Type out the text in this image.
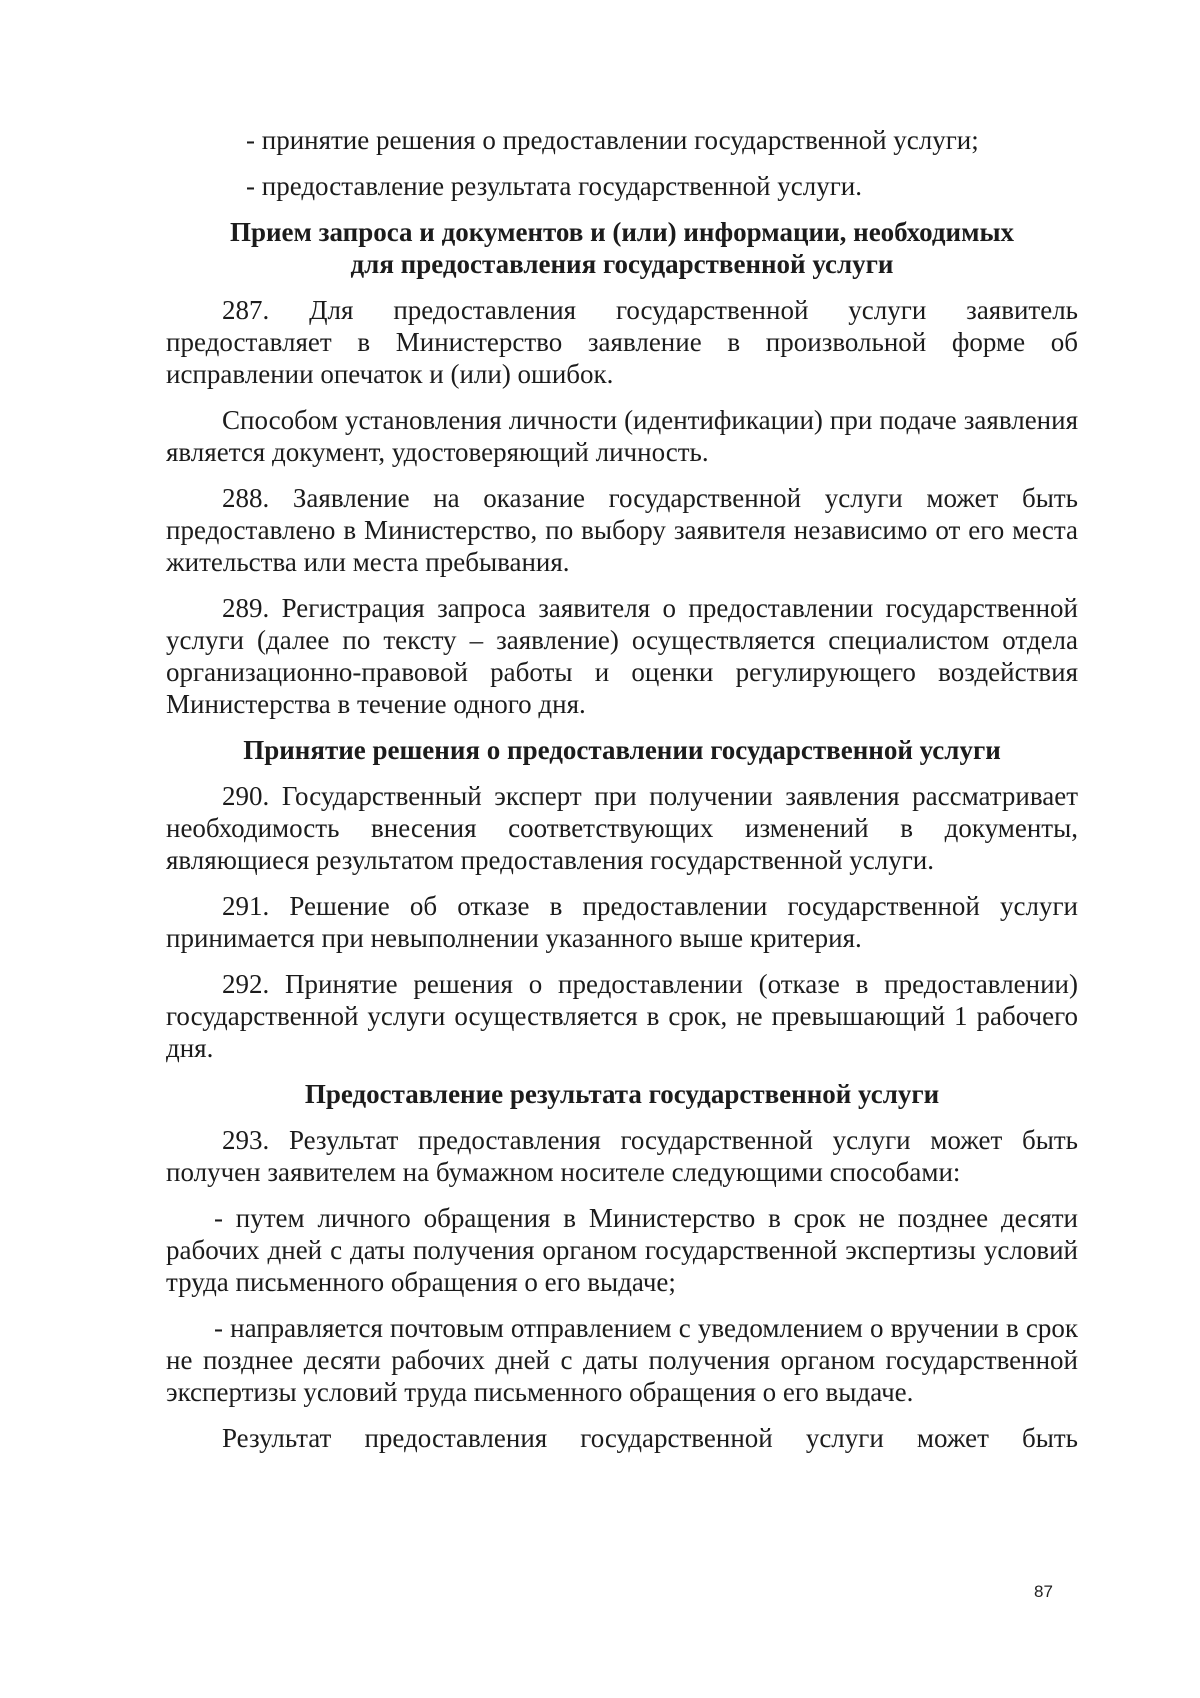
- принятие решения о предоставлении государственной услуги;

- предоставление результата государственной услуги.

Прием запроса и документов и (или) информации, необходимых для предоставления государственной услуги

287. Для предоставления государственной услуги заявитель предоставляет в Министерство заявление в произвольной форме об исправлении опечаток и (или) ошибок.

Способом установления личности (идентификации) при подаче заявления является документ, удостоверяющий личность.

288. Заявление на оказание государственной услуги может быть предоставлено в Министерство, по выбору заявителя независимо от его места жительства или места пребывания.

289. Регистрация запроса заявителя о предоставлении государственной услуги (далее по тексту – заявление) осуществляется специалистом отдела организационно-правовой работы и оценки регулирующего воздействия Министерства в течение одного дня.

Принятие решения о предоставлении государственной услуги

290. Государственный эксперт при получении заявления рассматривает необходимость внесения соответствующих изменений в документы, являющиеся результатом предоставления государственной услуги.

291. Решение об отказе в предоставлении государственной услуги принимается при невыполнении указанного выше критерия.

292. Принятие решения о предоставлении (отказе в предоставлении) государственной услуги осуществляется в срок, не превышающий 1 рабочего дня.

Предоставление результата государственной услуги

293. Результат предоставления государственной услуги может быть получен заявителем на бумажном носителе следующими способами:

- путем личного обращения в Министерство в срок не позднее десяти рабочих дней с даты получения органом государственной экспертизы условий труда письменного обращения о его выдаче;

- направляется почтовым отправлением с уведомлением о вручении в срок не позднее десяти рабочих дней с даты получения органом государственной экспертизы условий труда письменного обращения о его выдаче.

Результат предоставления государственной услуги может быть

87
